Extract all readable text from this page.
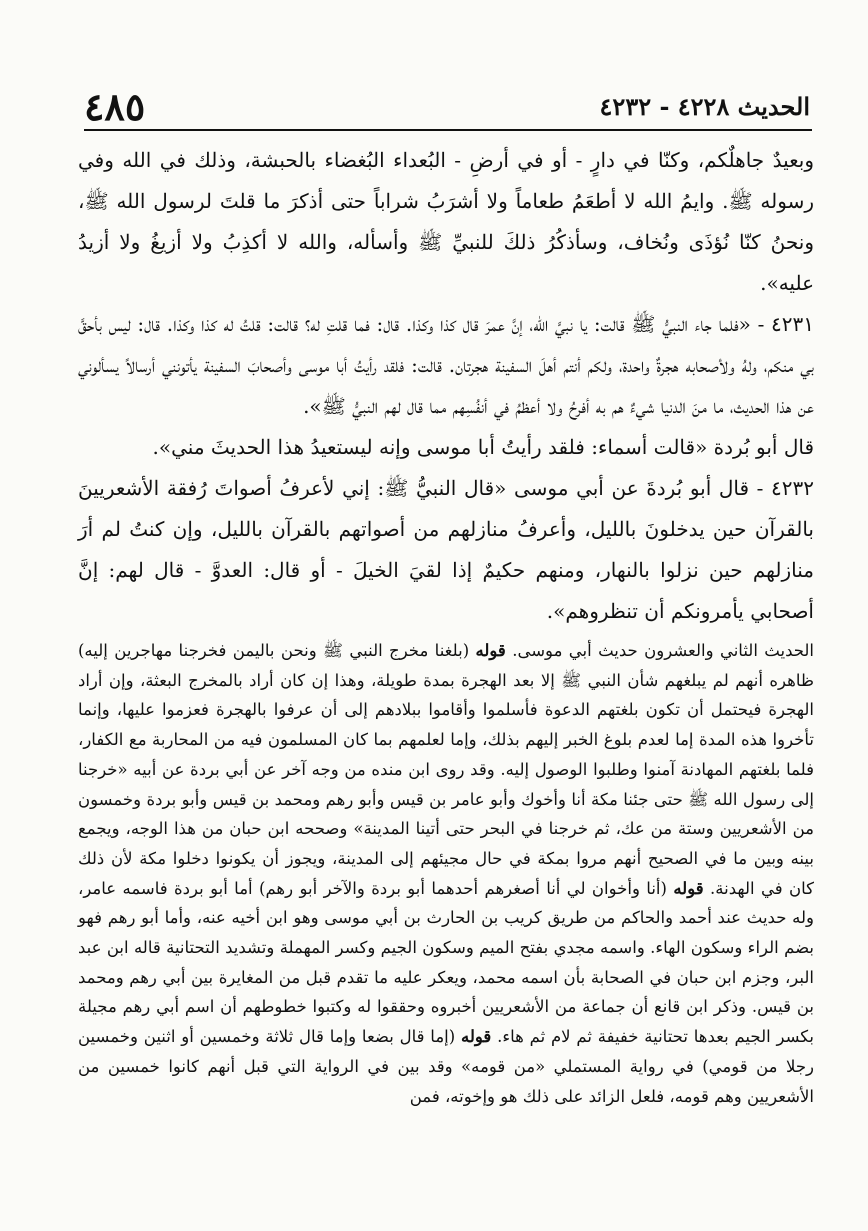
٤٨٥	الحديث ٤٢٢٨ - ٤٢٣٢

وبعيدٌ جاهلٌكم، وكنّا في دارٍ - أو في أرضِ - البُعداء البُغضاء بالحبشة، وذلك في الله وفي رسوله ﷺ. وايمُ الله لا أطعَمُ طعاماً ولا أشرَبُ شراباً حتى أذكرَ ما قلتَ لرسول الله ﷺ، ونحنُ كنّا نُؤذَى ونُخاف، وسأذكُرُ ذلكَ للنبيِّ ﷺ وأسأله، والله لا أكذِبُ ولا أزيغُ ولا أزيدُ عليه».

٤٢٣١ - «فلما جاء النبيُّ ﷺ قالت: يا نبيَّ الله، إنَّ عمرَ قال كذا وكذا. قال: فما قلتِ له؟ قالت: قلتُ له كذا وكذا. قال: ليس بأحقَّ بي منكم، ولهُ ولأصحابه هجرةٌ واحدة، ولكم أنتم أهلَ السفينة هجرتان. قالت: فلقد رأيتُ أبا موسى وأصحابَ السفينة يأتونني أرسالاً يسألوني عن هذا الحديث، ما منَ الدنيا شيءٌ هم به أفرحُ ولا أعظمُ في أنفُسِهم مما قال لهم النبيُّ ﷺ».

قال أبو بُردة «قالت أسماء: فلقد رأيتُ أبا موسى وإنه ليستعيدُ هذا الحديثَ مني».

٤٢٣٢ - قال أبو بُردةَ عن أبي موسى «قال النبيُّ ﷺ: إني لأعرفُ أصواتَ رُفقة الأشعريينَ بالقرآن حين يدخلونَ بالليل، وأعرفُ منازلهم من أصواتهم بالقرآن بالليل، وإن كنتُ لم أرَ منازلهم حين نزلوا بالنهار، ومنهم حكيمٌ إذا لقيَ الخيلَ - أو قال: العدوَّ - قال لهم: إنَّ أصحابي يأمرونكم أن تنظروهم».

الحديث الثاني والعشرون حديث أبي موسى. قوله (بلغنا مخرج النبي ﷺ ونحن باليمن فخرجنا مهاجرين إليه) ظاهره أنهم لم يبلغهم شأن النبي ﷺ إلا بعد الهجرة بمدة طويلة، وهذا إن كان أراد بالمخرج البعثة، وإن أراد الهجرة فيحتمل أن تكون بلغتهم الدعوة فأسلموا وأقاموا ببلادهم إلى أن عرفوا بالهجرة فعزموا عليها، وإنما تأخروا هذه المدة إما لعدم بلوغ الخبر إليهم بذلك، وإما لعلمهم بما كان المسلمون فيه من المحاربة مع الكفار، فلما بلغتهم المهادنة آمنوا وطلبوا الوصول إليه. وقد روى ابن منده من وجه آخر عن أبي بردة عن أبيه «خرجنا إلى رسول الله ﷺ حتى جئنا مكة أنا وأخوك وأبو عامر بن قيس وأبو رهم ومحمد بن قيس وأبو بردة وخمسون من الأشعريين وستة من عك، ثم خرجنا في البحر حتى أتينا المدينة» وصححه ابن حبان من هذا الوجه، ويجمع بينه وبين ما في الصحيح أنهم مروا بمكة في حال مجيئهم إلى المدينة، ويجوز أن يكونوا دخلوا مكة لأن ذلك كان في الهدنة. قوله (أنا وأخوان لي أنا أصغرهم أحدهما أبو بردة والآخر أبو رهم) أما أبو بردة فاسمه عامر، وله حديث عند أحمد والحاكم من طريق كريب بن الحارث بن أبي موسى وهو ابن أخيه عنه، وأما أبو رهم فهو بضم الراء وسكون الهاء. واسمه مجدي بفتح الميم وسكون الجيم وكسر المهملة وتشديد التحتانية قاله ابن عبد البر، وجزم ابن حبان في الصحابة بأن اسمه محمد، ويعكر عليه ما تقدم قبل من المغايرة بين أبي رهم ومحمد بن قيس. وذكر ابن قانع أن جماعة من الأشعريين أخبروه وحققوا له وكتبوا خطوطهم أن اسم أبي رهم مجيلة بكسر الجيم بعدها تحتانية خفيفة ثم لام ثم هاء. قوله (إما قال بضعا وإما قال ثلاثة وخمسين أو اثنين وخمسين رجلا من قومي) في رواية المستملي «من قومه» وقد بين في الرواية التي قبل أنهم كانوا خمسين من الأشعريين وهم قومه، فلعل الزائد على ذلك هو وإخوته، فمن
